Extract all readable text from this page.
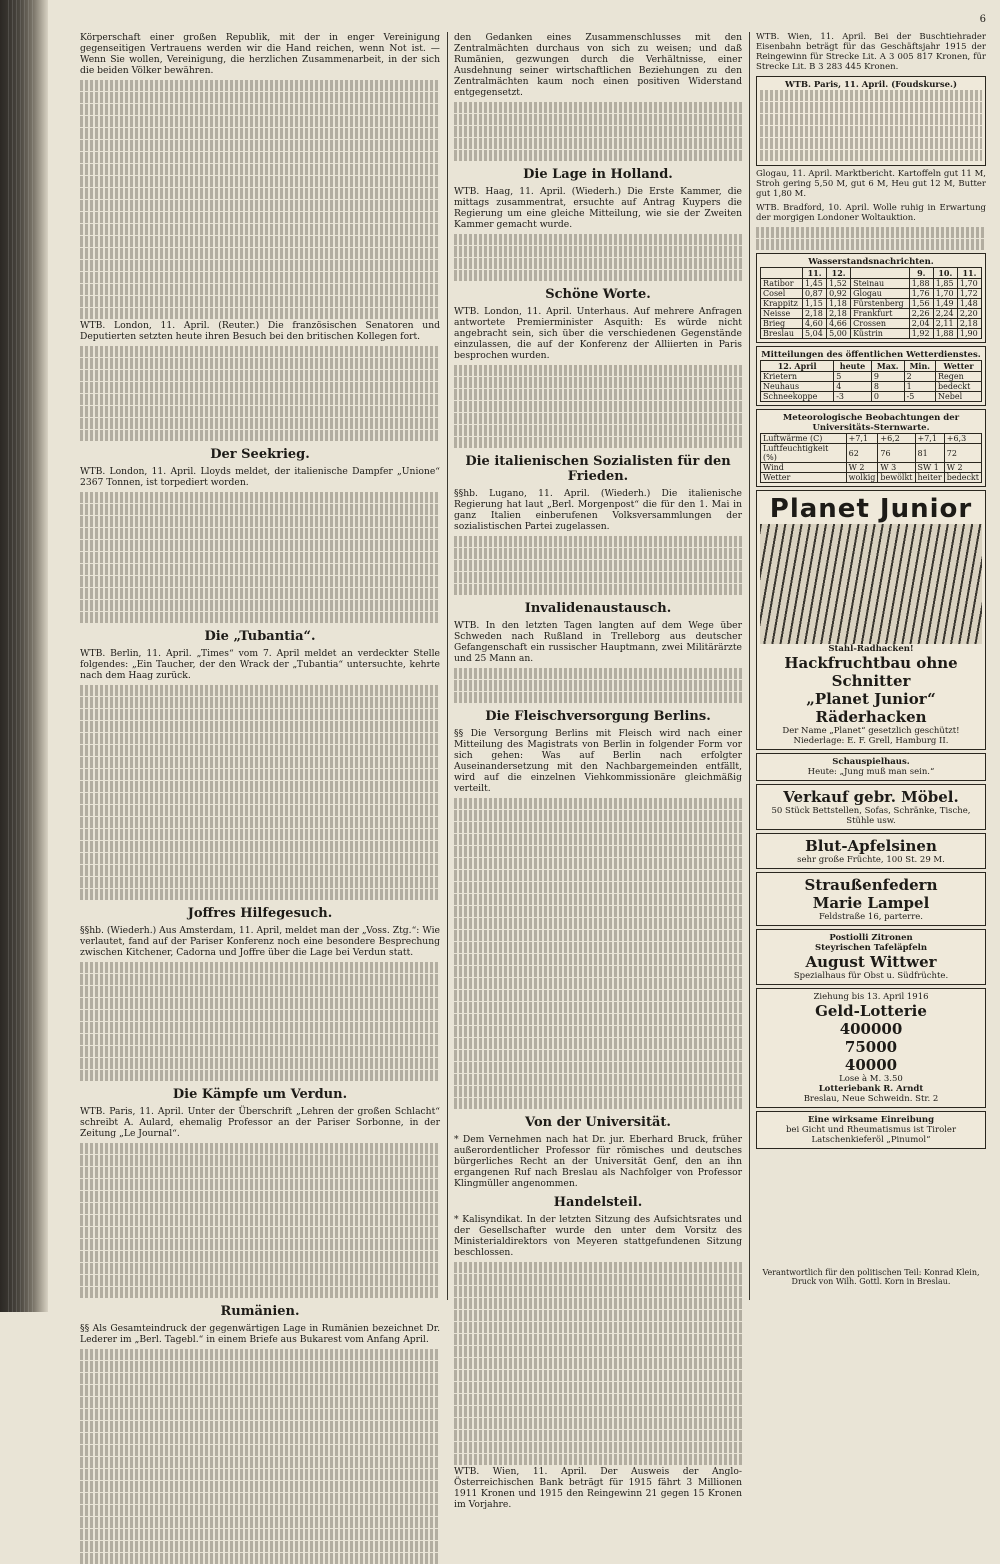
6

Körperschaft einer großen Republik, mit der in enger Vereinigung gegenseitigen Vertrauens werden wir die Hand reichen, wenn Not ist. — Wenn Sie wollen, Vereinigung, die herzlichen Zusammenarbeit, in der sich die beiden Völker bewähren.

WTB. London, 11. April. (Reuter.) Die französischen Senatoren und Deputierten setzten heute ihren Besuch bei den britischen Kollegen fort.

Der Seekrieg.

WTB. London, 11. April. Lloyds meldet, der italienische Dampfer „Unione“ 2367 Tonnen, ist torpediert worden.

Die „Tubantia“.

WTB. Berlin, 11. April. „Times“ vom 7. April meldet an verdeckter Stelle folgendes: „Ein Taucher, der den Wrack der „Tubantia“ untersuchte, kehrte nach dem Haag zurück.

Joffres Hilfegesuch.

§§hb. (Wiederh.) Aus Amsterdam, 11. April, meldet man der „Voss. Ztg.“: Wie verlautet, fand auf der Pariser Konferenz noch eine besondere Besprechung zwischen Kitchener, Cadorna und Joffre über die Lage bei Verdun statt.

Die Kämpfe um Verdun.

WTB. Paris, 11. April. Unter der Überschrift „Lehren der großen Schlacht“ schreibt A. Aulard, ehemalig Professor an der Pariser Sorbonne, in der Zeitung „Le Journal“.

Rumänien.

§§ Als Gesamteindruck der gegenwärtigen Lage in Rumänien bezeichnet Dr. Lederer im „Berl. Tagebl.“ in einem Briefe aus Bukarest vom Anfang April.

den Gedanken eines Zusammenschlusses mit den Zentralmächten durchaus von sich zu weisen; und daß Rumänien, gezwungen durch die Verhältnisse, einer Ausdehnung seiner wirtschaftlichen Beziehungen zu den Zentralmächten kaum noch einen positiven Widerstand entgegensetzt.

Die Lage in Holland.

WTB. Haag, 11. April. (Wiederh.) Die Erste Kammer, die mittags zusammentrat, ersuchte auf Antrag Kuypers die Regierung um eine gleiche Mitteilung, wie sie der Zweiten Kammer gemacht wurde.

Schöne Worte.

WTB. London, 11. April. Unterhaus. Auf mehrere Anfragen antwortete Premierminister Asquith: Es würde nicht angebracht sein, sich über die verschiedenen Gegenstände einzulassen, die auf der Konferenz der Alliierten in Paris besprochen wurden.

Die italienischen Sozialisten für den Frieden.

§§hb. Lugano, 11. April. (Wiederh.) Die italienische Regierung hat laut „Berl. Morgenpost“ die für den 1. Mai in ganz Italien einberufenen Volksversammlungen der sozialistischen Partei zugelassen.

Invalidenaustausch.

WTB. In den letzten Tagen langten auf dem Wege über Schweden nach Rußland in Trelleborg aus deutscher Gefangenschaft ein russischer Hauptmann, zwei Militärärzte und 25 Mann an.

Die Fleischversorgung Berlins.

§§ Die Versorgung Berlins mit Fleisch wird nach einer Mitteilung des Magistrats von Berlin in folgender Form vor sich gehen: Was auf Berlin nach erfolgter Auseinandersetzung mit den Nachbargemeinden entfällt, wird auf die einzelnen Viehkommissionäre gleichmäßig verteilt.

Von der Universität.

* Dem Vernehmen nach hat Dr. jur. Eberhard Bruck, früher außerordentlicher Professor für römisches und deutsches bürgerliches Recht an der Universität Genf, den an ihn ergangenen Ruf nach Breslau als Nachfolger von Professor Klingmüller angenommen.

Handelsteil.

* Kalisyndikat. In der letzten Sitzung des Aufsichtsrates und der Gesellschafter wurde den unter dem Vorsitz des Ministerialdirektors von Meyeren stattgefundenen Sitzung beschlossen.

WTB. Wien, 11. April. Der Ausweis der Anglo-Österreichischen Bank beträgt für 1915 fährt 3 Millionen 1911 Kronen und 1915 den Reingewinn 21 gegen 15 Kronen im Vorjahre.

WTB. Wien, 11. April. Bei der Buschtiehrader Eisenbahn beträgt für das Geschäftsjahr 1915 der Reingewinn für Strecke Lit. A 3 005 817 Kronen, für Strecke Lit. B 3 283 445 Kronen.

WTB. Paris, 11. April. (Foudskurse.)

Glogau, 11. April. Marktbericht. Kartoffeln gut 11 M, Stroh gering 5,50 M, gut 6 M, Heu gut 12 M, Butter gut 1,80 M.

WTB. Bradford, 10. April. Wolle ruhig in Erwartung der morgigen Londoner Woltauktion.

Wasserstandsnachrichten.
	11.	12.		9.	10.	11.
Ratibor	1,45	1,52	Steinau	1,88	1,85	1,70
Cosel	0,87	0,92	Glogau	1,76	1,70	1,72
Krappitz	1,15	1,18	Fürstenberg	1,56	1,49	1,48
Neisse	2,18	2,18	Frankfurt	2,26	2,24	2,20
Brieg	4,60	4,66	Crossen	2,04	2,11	2,18
Breslau	5,04	5,00	Küstrin	1,92	1,88	1,90
Mitteilungen des öffentlichen Wetterdienstes.
12. April	heute	Max.	Min.	Wetter
Krietern	5	9	2	Regen
Neuhaus	4	8	1	bedeckt
Schneekoppe	-3	0	-5	Nebel
Meteorologische Beobachtungen der Universitäts-Sternwarte.
Luftwärme (C)	+7,1	+6,2	+7,1	+6,3
Luftfeuchtigkeit (%)	62	76	81	72
Wind	W 2	W 3	SW 1	W 2
Wetter	wolkig	bewölkt	heiter	bedeckt
Planet Junior
Stahl-Radhacken!
Hackfruchtbau ohne Schnitter
„Planet Junior“ Räderhacken
Der Name „Planet“ gesetzlich geschützt!
Niederlage: E. F. Grell, Hamburg II.
Schauspielhaus.
Heute: „Jung muß man sein.“
Verkauf gebr. Möbel.
50 Stück Bettstellen, Sofas, Schränke, Tische, Stühle usw.
Blut-Apfelsinen
sehr große Früchte, 100 St. 29 M.
Straußenfedern
Marie Lampel
Feldstraße 16, parterre.
Postiolli Zitronen
Steyrischen Tafeläpfeln
August Wittwer
Spezialhaus für Obst u. Südfrüchte.
Ziehung bis 13. April 1916
Geld-Lotterie
400000
75000
40000
Lose à M. 3.50
Lotteriebank R. Arndt
Breslau, Neue Schweidn. Str. 2
Eine wirksame Einreibung
bei Gicht und Rheumatismus ist Tiroler Latschenkieferöl „Pinumol“
Verantwortlich für den politischen Teil: Konrad Klein, Druck von Wilh. Gottl. Korn in Breslau.
